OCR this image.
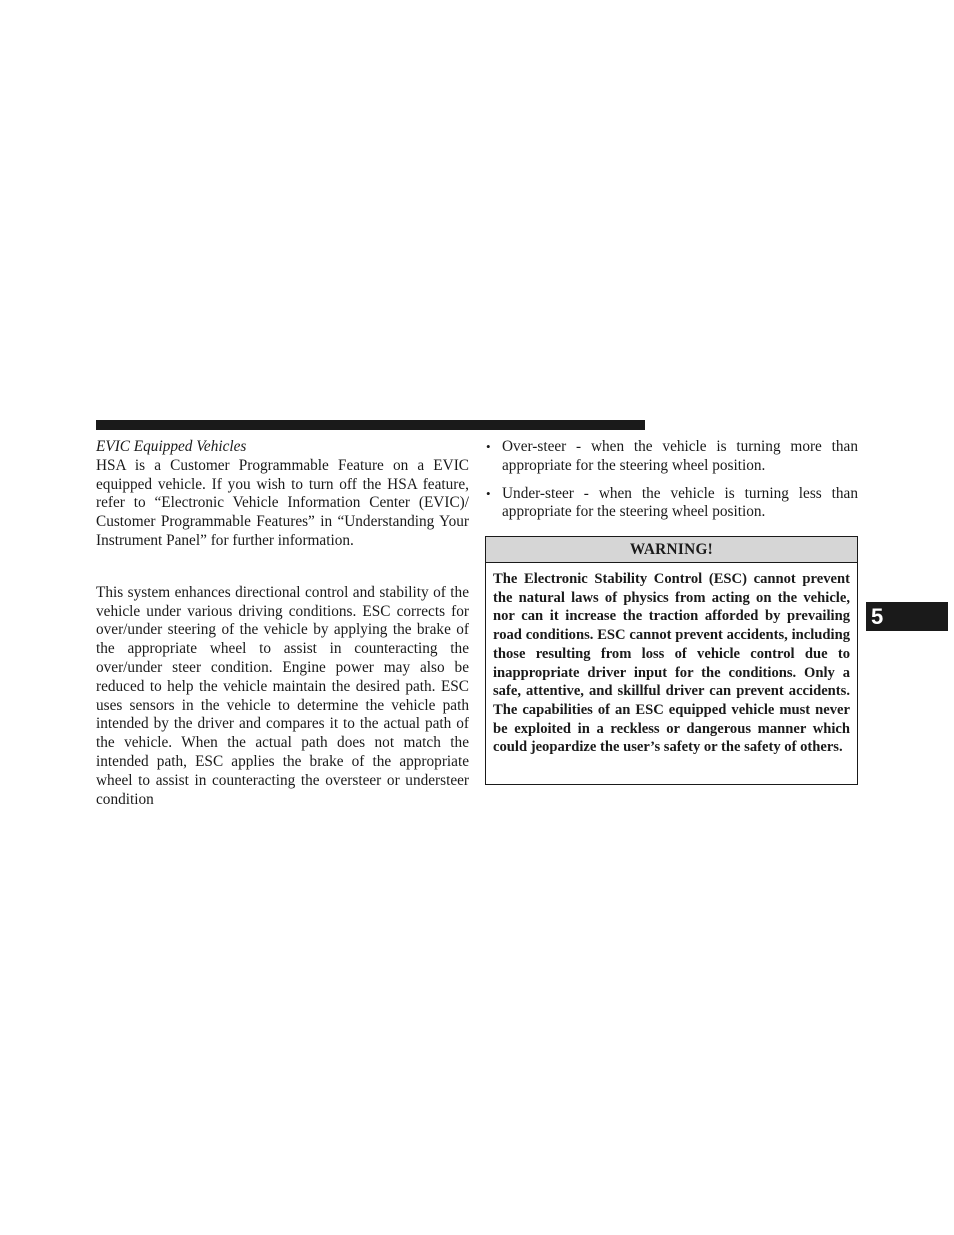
EVIC Equipped Vehicles

HSA is a Customer Programmable Feature on a EVIC equipped vehicle. If you wish to turn off the HSA feature, refer to “Electronic Vehicle Information Center (EVIC)/ Customer Programmable Features” in “Understanding Your Instrument Panel” for further information.

This system enhances directional control and stability of the vehicle under various driving conditions. ESC corrects for over/under steering of the vehicle by applying the brake of the appropriate wheel to assist in counteracting the over/under steer condition. Engine power may also be reduced to help the vehicle maintain the desired path. ESC uses sensors in the vehicle to determine the vehicle path intended by the driver and compares it to the actual path of the vehicle. When the actual path does not match the intended path, ESC applies the brake of the appropriate wheel to assist in counteracting the oversteer or understeer condition

• Over-steer - when the vehicle is turning more than appropriate for the steering wheel position.
• Under-steer - when the vehicle is turning less than appropriate for the steering wheel position.
WARNING!
The Electronic Stability Control (ESC) cannot prevent the natural laws of physics from acting on the vehicle, nor can it increase the traction afforded by prevailing road conditions. ESC cannot prevent accidents, including those resulting from loss of vehicle control due to inappropriate driver input for the conditions. Only a safe, attentive, and skillful driver can prevent accidents. The capabilities of an ESC equipped vehicle must never be exploited in a reckless or dangerous manner which could jeopardize the user’s safety or the safety of others.
5
